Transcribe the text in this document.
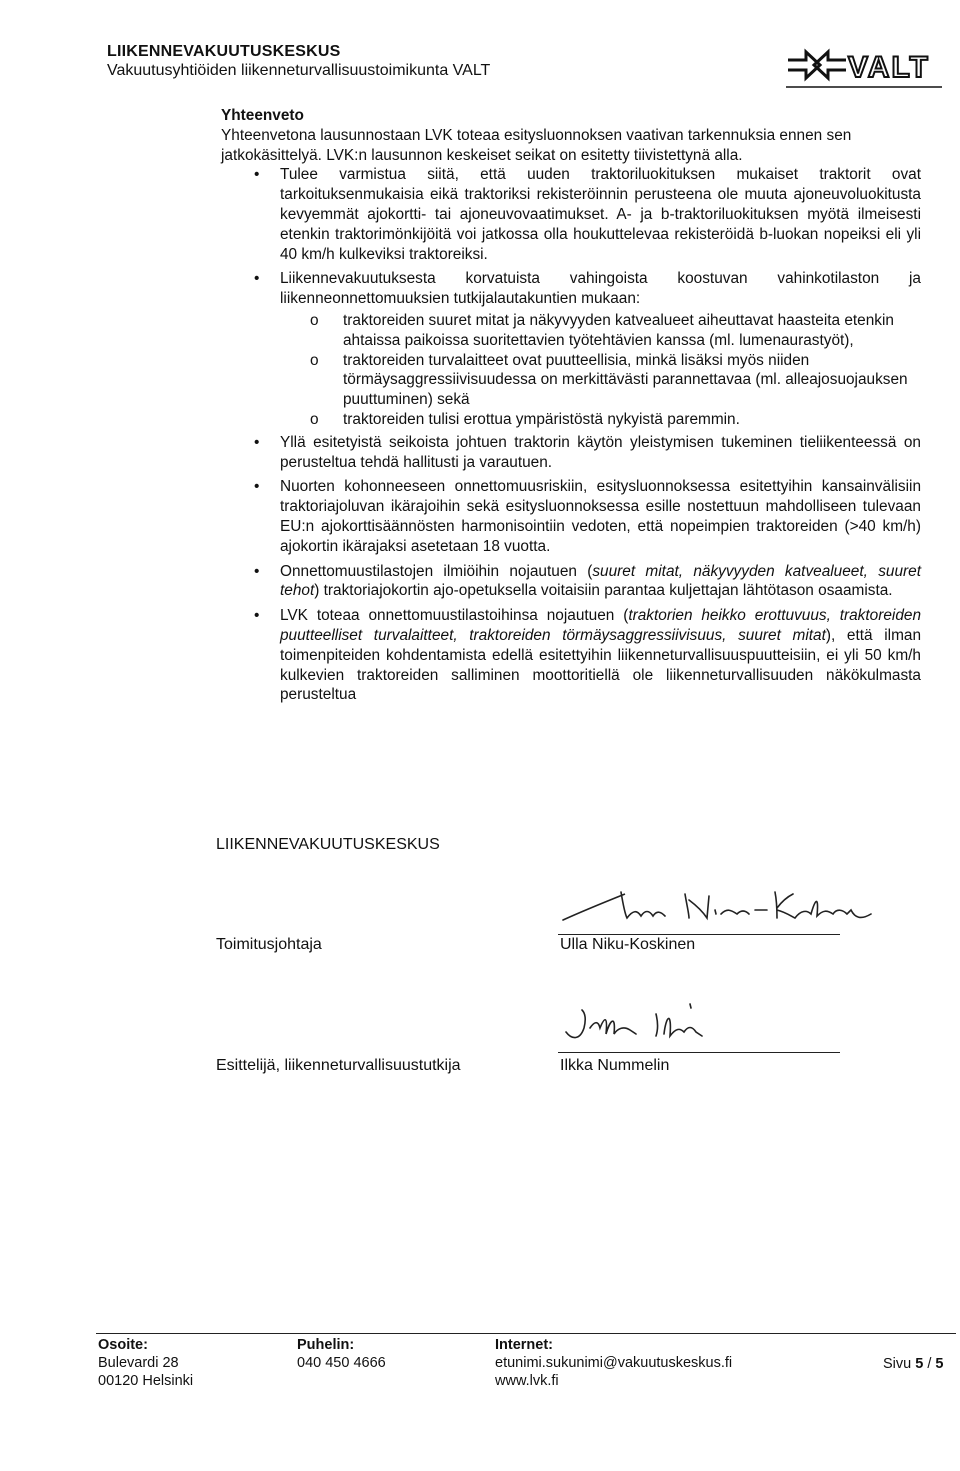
LIIKENNEVAKUUTUSKESKUS
Vakuutusyhtiöiden liikenneturvallisuustoimikunta VALT	VALT

Yhteenveto

Yhteenvetona lausunnostaan LVK toteaa esitysluonnoksen vaativan tarkennuksia ennen sen jatkokäsittelyä. LVK:n lausunnon keskeiset seikat on esitetty tiivistettynä alla.

• Tulee varmistua siitä, että uuden traktoriluokituksen mukaiset traktorit ovat tarkoituksenmukaisia eikä traktoriksi rekisteröinnin perusteena ole muuta ajoneuvoluokitusta kevyemmät ajokortti- tai ajoneuvovaatimukset. A- ja b-traktoriluokituksen myötä ilmeisesti etenkin traktorimönkijöitä voi jatkossa olla houkuttelevaa rekisteröidä b-luokan nopeiksi eli yli 40 km/h kulkeviksi traktoreiksi.
• Liikennevakuutuksesta korvatuista vahingoista koostuvan vahinkotilaston ja liikenneonnettomuuksien tutkijalautakuntien mukaan:
o traktoreiden suuret mitat ja näkyvyyden katvealueet aiheuttavat haasteita etenkin ahtaissa paikoissa suoritettavien työtehtävien kanssa (ml. lumenaurastyöt),
o traktoreiden turvalaitteet ovat puutteellisia, minkä lisäksi myös niiden törmäysaggressiivisuudessa on merkittävästi parannettavaa (ml. alleajosuojauksen puuttuminen) sekä
o traktoreiden tulisi erottua ympäristöstä nykyistä paremmin.
• Yllä esitetyistä seikoista johtuen traktorin käytön yleistymisen tukeminen tieliikenteessä on perusteltua tehdä hallitusti ja varautuen.
• Nuorten kohonneeseen onnettomuusriskiin, esitysluonnoksessa esitettyihin kansainvälisiin traktoriajoluvan ikärajoihin sekä esitysluonnoksessa esille nostettuun mahdolliseen tulevaan EU:n ajokorttisäännösten harmonisointiin vedoten, että nopeimpien traktoreiden (>40 km/h) ajokortin ikärajaksi asetetaan 18 vuotta.
• Onnettomuustilastojen ilmiöihin nojautuen (suuret mitat, näkyvyyden katvealueet, suuret tehot) traktoriajokortin ajo-opetuksella voitaisiin parantaa kuljettajan lähtötason osaamista.
• LVK toteaa onnettomuustilastoihinsa nojautuen (traktorien heikko erottuvuus, traktoreiden puutteelliset turvalaitteet, traktoreiden törmäysaggressiivisuus, suuret mitat), että ilman toimenpiteiden kohdentamista edellä esitettyihin liikenneturvallisuuspuutteisiin, ei yli 50 km/h kulkevien traktoreiden salliminen moottoritiellä ole liikenneturvallisuuden näkökulmasta perusteltua
LIIKENNEVAKUUTUSKESKUS
Toimitusjohtaja	Ulla Niku-Koskinen
Esittelijä, liikenneturvallisuustutkija	Ilkka Nummelin
Osoite:
Bulevardi 28
00120 Helsinki
Puhelin:
040 450 4666
Internet:
etunimi.sukunimi@vakuutuskeskus.fi
www.lvk.fi
Sivu 5 / 5
